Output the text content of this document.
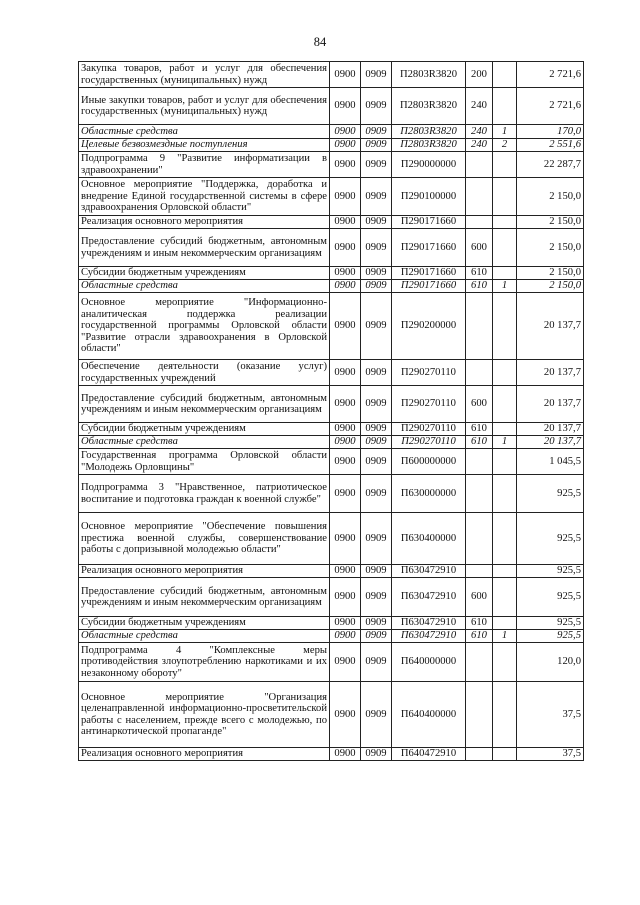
84
Закупка товаров, работ и услуг для обеспечения государственных (муниципальных) нужд	0900	0909	П2803R3820	200		2 721,6
Иные закупки товаров, работ и услуг для обеспечения государственных (муниципальных) нужд	0900	0909	П2803R3820	240		2 721,6
Областные средства	0900	0909	П2803R3820	240	1	170,0
Целевые безвозмездные поступления	0900	0909	П2803R3820	240	2	2 551,6
Подпрограмма 9 "Развитие информатизации в здравоохранении"	0900	0909	П290000000			22 287,7
Основное мероприятие "Поддержка, доработка и внедрение Единой государственной системы в сфере здравоохранения Орловской области"	0900	0909	П290100000			2 150,0
Реализация основного мероприятия	0900	0909	П290171660			2 150,0
Предоставление субсидий бюджетным, автономным учреждениям и иным некоммерческим организациям	0900	0909	П290171660	600		2 150,0
Субсидии бюджетным учреждениям	0900	0909	П290171660	610		2 150,0
Областные средства	0900	0909	П290171660	610	1	2 150,0
Основное мероприятие "Информационно-аналитическая поддержка реализации государственной программы Орловской области "Развитие отрасли здравоохранения в Орловской области"	0900	0909	П290200000			20 137,7
Обеспечение деятельности (оказание услуг) государственных учреждений	0900	0909	П290270110			20 137,7
Предоставление субсидий бюджетным, автономным учреждениям и иным некоммерческим организациям	0900	0909	П290270110	600		20 137,7
Субсидии бюджетным учреждениям	0900	0909	П290270110	610		20 137,7
Областные средства	0900	0909	П290270110	610	1	20 137,7
Государственная программа Орловской области "Молодежь Орловщины"	0900	0909	П600000000			1 045,5
Подпрограмма 3 "Нравственное, патриотическое воспитание и подготовка граждан к военной службе"	0900	0909	П630000000			925,5
Основное мероприятие "Обеспечение повышения престижа военной службы, совершенствование работы с допризывной молодежью области"	0900	0909	П630400000			925,5
Реализация основного мероприятия	0900	0909	П630472910			925,5
Предоставление субсидий бюджетным, автономным учреждениям и иным некоммерческим организациям	0900	0909	П630472910	600		925,5
Субсидии бюджетным учреждениям	0900	0909	П630472910	610		925,5
Областные средства	0900	0909	П630472910	610	1	925,5
Подпрограмма 4 "Комплексные меры противодействия злоупотреблению наркотиками и их незаконному обороту"	0900	0909	П640000000			120,0
Основное мероприятие "Организация целенаправленной информационно-просветительской работы с населением, прежде всего с молодежью, по антинаркотической пропаганде"	0900	0909	П640400000			37,5
Реализация основного мероприятия	0900	0909	П640472910			37,5
